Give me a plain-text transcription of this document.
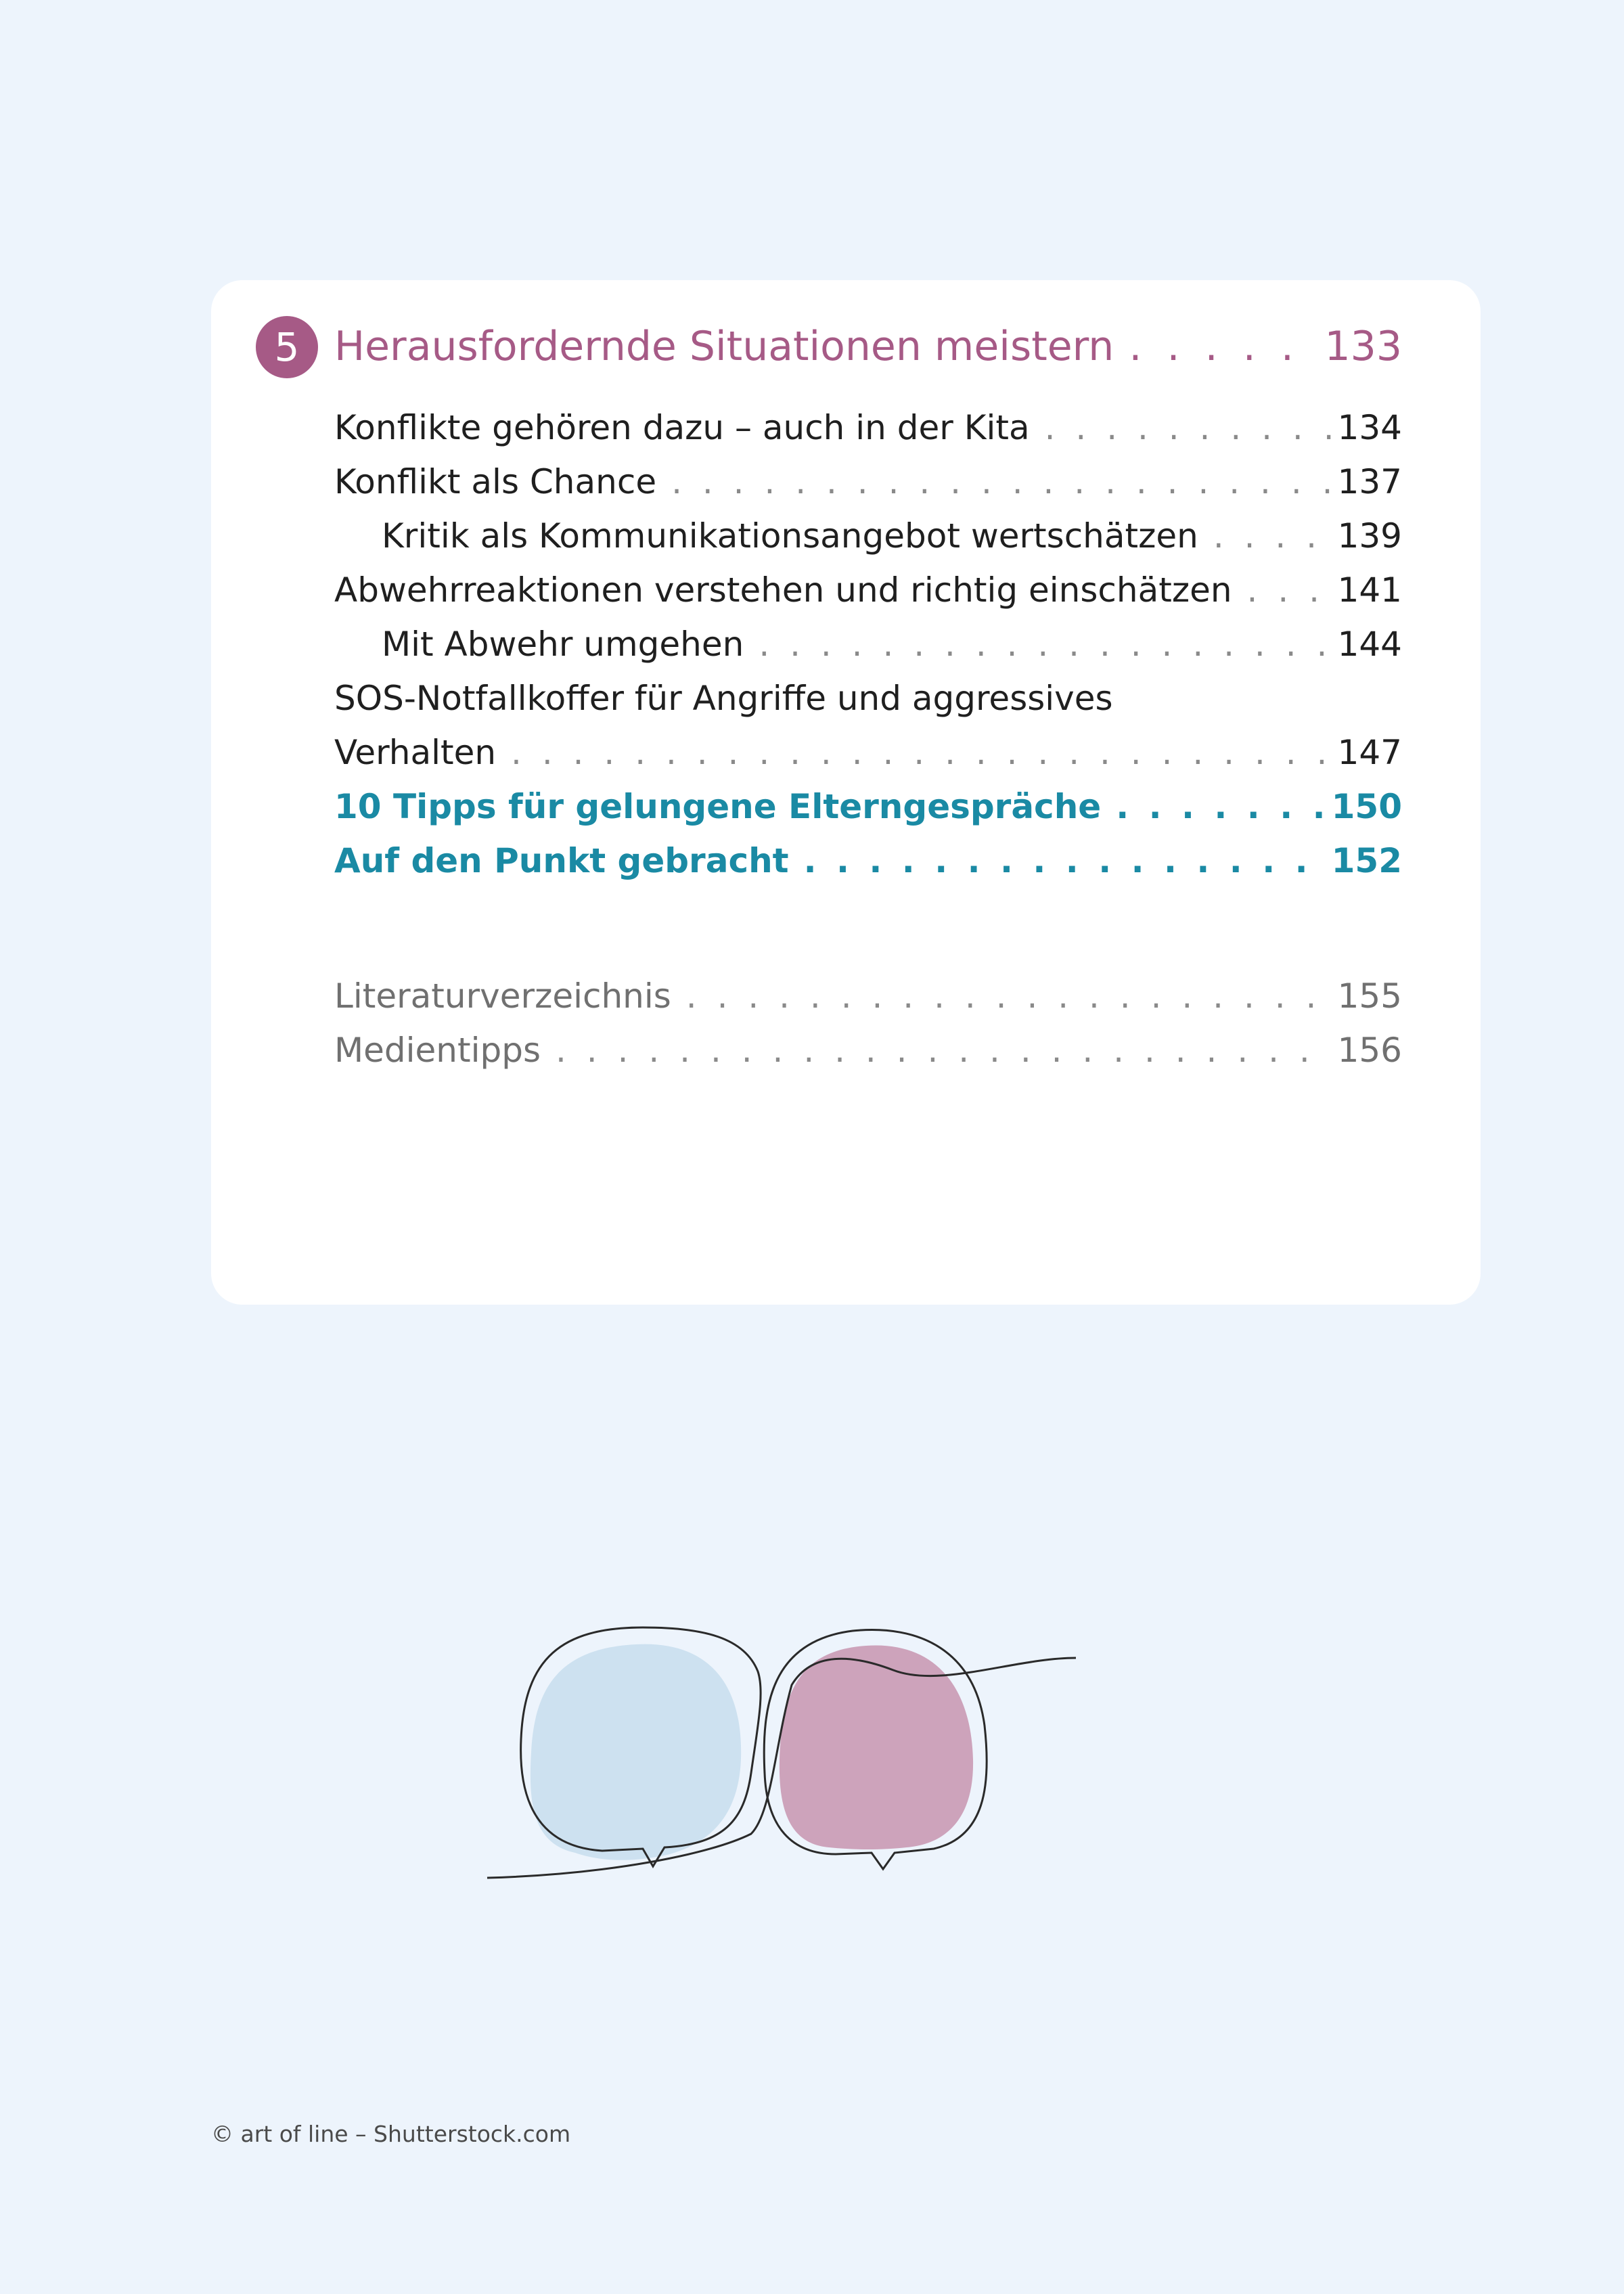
5 Herausfordernde Situationen meistern . . .	133
Konflikte gehören dazu – auch in der Kita . . .	134
Konflikt als Chance . . .	137
Kritik als Kommunikationsangebot wertschätzen . . .	139
Abwehrreaktionen verstehen und richtig einschätzen . . .	141
Mit Abwehr umgehen . . .	144
SOS-Notfallkoffer für Angriffe und aggressives
Verhalten . . .	147
10 Tipps für gelungene Elterngespräche . . .	150
Auf den Punkt gebracht . . .	152
Literaturverzeichnis . . .	155
Medientipps . . .	156
© art of line – Shutterstock.com
